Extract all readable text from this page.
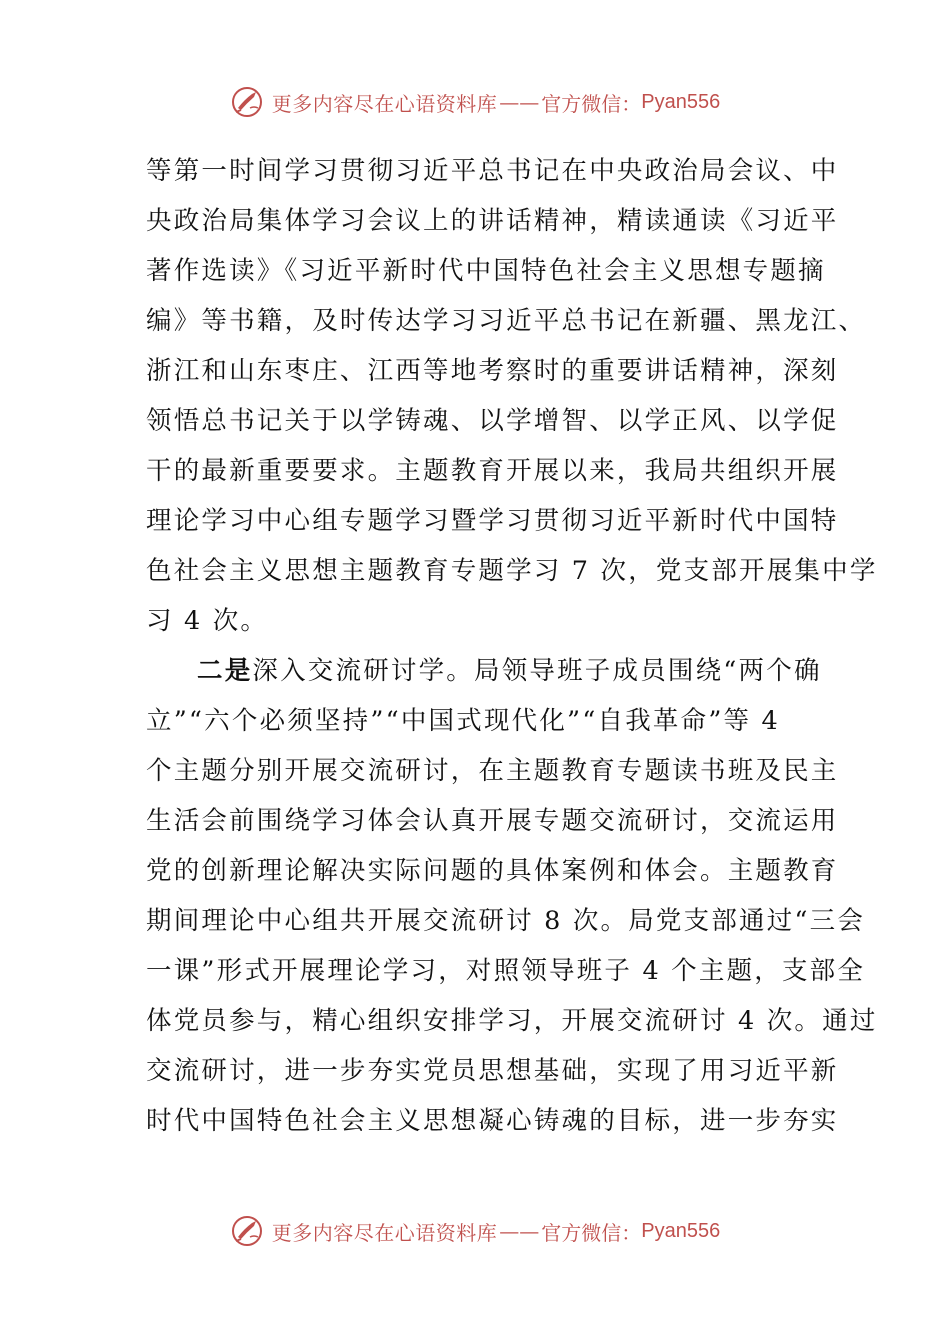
更多内容尽在心语资料库 —— 官方微信： Pyan556
等第一时间学习贯彻习近平总书记在中央政治局会议、中
央政治局集体学习会议上的讲话精神，精读通读《习近平
著作选读》《习近平新时代中国特色社会主义思想专题摘
编》等书籍，及时传达学习习近平总书记在新疆、黑龙江、
浙江和山东枣庄、江西等地考察时的重要讲话精神，深刻
领悟总书记关于以学铸魂、以学增智、以学正风、以学促
干的最新重要要求。主题教育开展以来，我局共组织开展
理论学习中心组专题学习暨学习贯彻习近平新时代中国特
色社会主义思想主题教育专题学习 7 次，党支部开展集中学
习 4 次。
二是深入交流研讨学。局领导班子成员围绕“两个确
立”“六个必须坚持”“中国式现代化”“自我革命”等 4
个主题分别开展交流研讨，在主题教育专题读书班及民主
生活会前围绕学习体会认真开展专题交流研讨，交流运用
党的创新理论解决实际问题的具体案例和体会。主题教育
期间理论中心组共开展交流研讨 8 次。局党支部通过“三会
一课”形式开展理论学习，对照领导班子 4 个主题，支部全
体党员参与，精心组织安排学习，开展交流研讨 4 次。通过
交流研讨，进一步夯实党员思想基础，实现了用习近平新
时代中国特色社会主义思想凝心铸魂的目标，进一步夯实
更多内容尽在心语资料库 —— 官方微信： Pyan556
